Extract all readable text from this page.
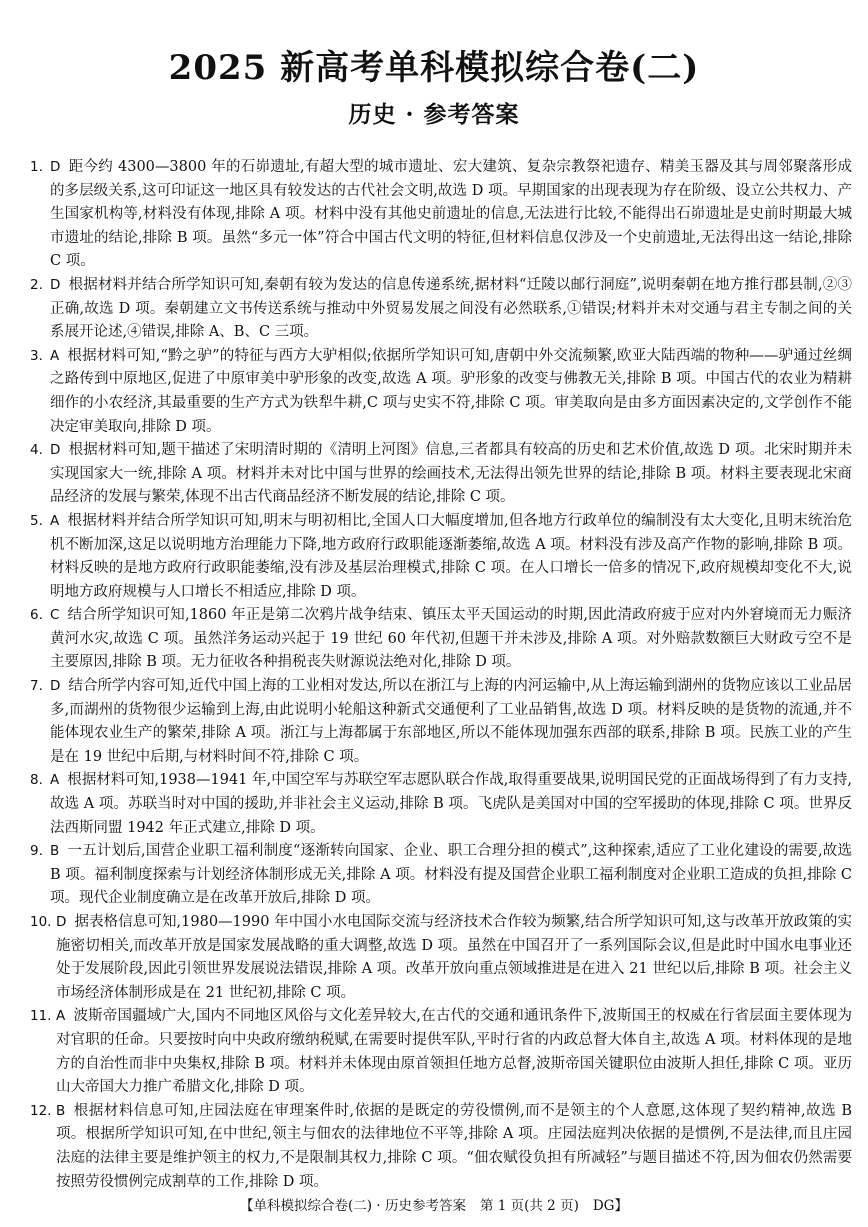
2025 新高考单科模拟综合卷(二)
历史 · 参考答案

1. D 距今约 4300—3800 年的石峁遗址,有超大型的城市遗址、宏大建筑、复杂宗教祭祀遗存、精美玉器及其与周邻聚落形成的多层级关系,这可印证这一地区具有较发达的古代社会文明,故选 D 项。早期国家的出现表现为存在阶级、设立公共权力、产生国家机构等,材料没有体现,排除 A 项。材料中没有其他史前遗址的信息,无法进行比较,不能得出石峁遗址是史前时期最大城市遗址的结论,排除 B 项。虽然“多元一体”符合中国古代文明的特征,但材料信息仅涉及一个史前遗址,无法得出这一结论,排除 C 项。

2. D 根据材料并结合所学知识可知,秦朝有较为发达的信息传递系统,据材料“迁陵以邮行洞庭”,说明秦朝在地方推行郡县制,②③正确,故选 D 项。秦朝建立文书传送系统与推动中外贸易发展之间没有必然联系,①错误;材料并未对交通与君主专制之间的关系展开论述,④错误,排除 A、B、C 三项。

3. A 根据材料可知,“黔之驴”的特征与西方大驴相似;依据所学知识可知,唐朝中外交流频繁,欧亚大陆西端的物种——驴通过丝绸之路传到中原地区,促进了中原审美中驴形象的改变,故选 A 项。驴形象的改变与佛教无关,排除 B 项。中国古代的农业为精耕细作的小农经济,其最重要的生产方式为铁犁牛耕,C 项与史实不符,排除 C 项。审美取向是由多方面因素决定的,文学创作不能决定审美取向,排除 D 项。

4. D 根据材料可知,题干描述了宋明清时期的《清明上河图》信息,三者都具有较高的历史和艺术价值,故选 D 项。北宋时期并未实现国家大一统,排除 A 项。材料并未对比中国与世界的绘画技术,无法得出领先世界的结论,排除 B 项。材料主要表现北宋商品经济的发展与繁荣,体现不出古代商品经济不断发展的结论,排除 C 项。

5. A 根据材料并结合所学知识可知,明末与明初相比,全国人口大幅度增加,但各地方行政单位的编制没有太大变化,且明末统治危机不断加深,这足以说明地方治理能力下降,地方政府行政职能逐渐萎缩,故选 A 项。材料没有涉及高产作物的影响,排除 B 项。材料反映的是地方政府行政职能萎缩,没有涉及基层治理模式,排除 C 项。在人口增长一倍多的情况下,政府规模却变化不大,说明地方政府规模与人口增长不相适应,排除 D 项。

6. C 结合所学知识可知,1860 年正是第二次鸦片战争结束、镇压太平天国运动的时期,因此清政府疲于应对内外窘境而无力赈济黄河水灾,故选 C 项。虽然洋务运动兴起于 19 世纪 60 年代初,但题干并未涉及,排除 A 项。对外赔款数额巨大财政亏空不是主要原因,排除 B 项。无力征收各种捐税丧失财源说法绝对化,排除 D 项。

7. D 结合所学内容可知,近代中国上海的工业相对发达,所以在浙江与上海的内河运输中,从上海运输到湖州的货物应该以工业品居多,而湖州的货物很少运输到上海,由此说明小轮船这种新式交通便利了工业品销售,故选 D 项。材料反映的是货物的流通,并不能体现农业生产的繁荣,排除 A 项。浙江与上海都属于东部地区,所以不能体现加强东西部的联系,排除 B 项。民族工业的产生是在 19 世纪中后期,与材料时间不符,排除 C 项。

8. A 根据材料可知,1938—1941 年,中国空军与苏联空军志愿队联合作战,取得重要战果,说明国民党的正面战场得到了有力支持,故选 A 项。苏联当时对中国的援助,并非社会主义运动,排除 B 项。飞虎队是美国对中国的空军援助的体现,排除 C 项。世界反法西斯同盟 1942 年正式建立,排除 D 项。

9. B 一五计划后,国营企业职工福利制度“逐渐转向国家、企业、职工合理分担的模式”,这种探索,适应了工业化建设的需要,故选 B 项。福利制度探索与计划经济体制形成无关,排除 A 项。材料没有提及国营企业职工福利制度对企业职工造成的负担,排除 C 项。现代企业制度确立是在改革开放后,排除 D 项。

10. D 据表格信息可知,1980—1990 年中国小水电国际交流与经济技术合作较为频繁,结合所学知识可知,这与改革开放政策的实施密切相关,而改革开放是国家发展战略的重大调整,故选 D 项。虽然在中国召开了一系列国际会议,但是此时中国水电事业还处于发展阶段,因此引领世界发展说法错误,排除 A 项。改革开放向重点领域推进是在进入 21 世纪以后,排除 B 项。社会主义市场经济体制形成是在 21 世纪初,排除 C 项。

11. A 波斯帝国疆域广大,国内不同地区风俗与文化差异较大,在古代的交通和通讯条件下,波斯国王的权威在行省层面主要体现为对官职的任命。只要按时向中央政府缴纳税赋,在需要时提供军队,平时行省的内政总督大体自主,故选 A 项。材料体现的是地方的自治性而非中央集权,排除 B 项。材料并未体现由原首领担任地方总督,波斯帝国关键职位由波斯人担任,排除 C 项。亚历山大帝国大力推广希腊文化,排除 D 项。

12. B 根据材料信息可知,庄园法庭在审理案件时,依据的是既定的劳役惯例,而不是领主的个人意愿,这体现了契约精神,故选 B 项。根据所学知识可知,在中世纪,领主与佃农的法律地位不平等,排除 A 项。庄园法庭判决依据的是惯例,不是法律,而且庄园法庭的法律主要是维护领主的权力,不是限制其权力,排除 C 项。“佃农赋役负担有所减轻”与题目描述不符,因为佃农仍然需要按照劳役惯例完成割草的工作,排除 D 项。

【单科模拟综合卷(二) · 历史参考答案 第 1 页(共 2 页) DG】
